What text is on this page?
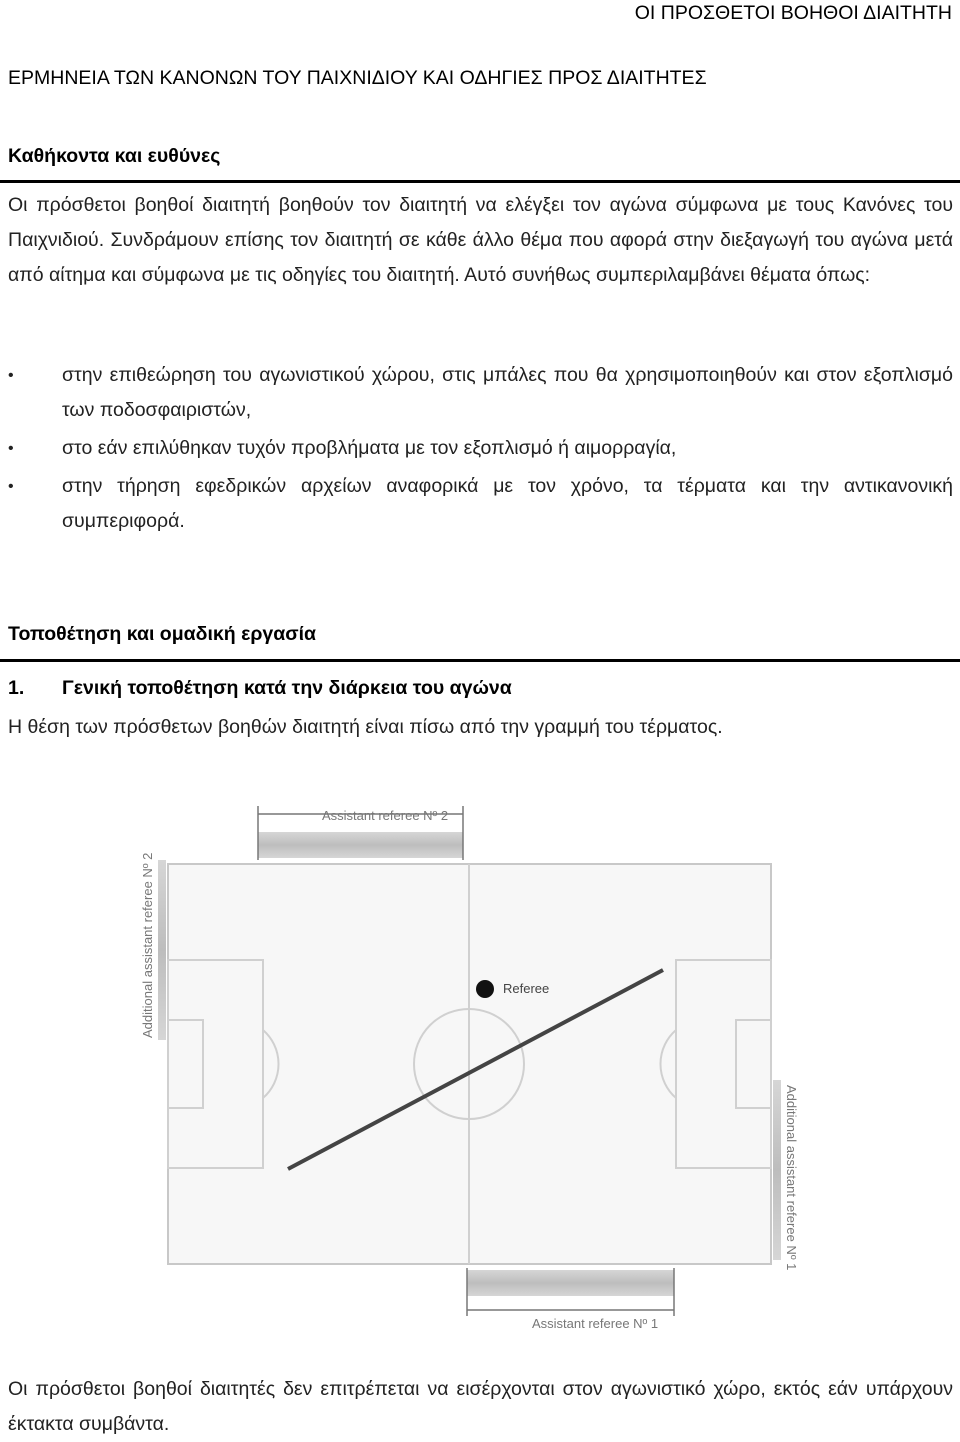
ΟΙ ΠΡΟΣΘΕΤΟΙ ΒΟΗΘΟΙ ΔΙΑΙΤΗΤΗ
ΕΡΜΗΝΕΙΑ ΤΩΝ ΚΑΝΟΝΩΝ ΤΟΥ ΠΑΙΧΝΙΔΙΟΥ ΚΑΙ ΟΔΗΓΙΕΣ ΠΡΟΣ ΔΙΑΙΤΗΤΕΣ
Καθήκοντα και ευθύνες

Οι πρόσθετοι βοηθοί διαιτητή βοηθούν τον διαιτητή να ελέγξει τον αγώνα σύμφωνα με τους Κανόνες του Παιχνιδιού. Συνδράμουν επίσης τον διαιτητή σε κάθε άλλο θέμα που αφορά στην διεξαγωγή του αγώνα μετά από αίτημα και σύμφωνα με τις οδηγίες του διαιτητή. Αυτό συνήθως συμπεριλαμβάνει θέματα όπως:

• στην επιθεώρηση του αγωνιστικού χώρου, στις μπάλες που θα χρησιμοποιηθούν και στον εξοπλισμό των ποδοσφαιριστών,
• στο εάν επιλύθηκαν τυχόν προβλήματα με τον εξοπλισμό ή αιμορραγία,
• στην τήρηση εφεδρικών αρχείων αναφορικά με τον χρόνο, τα τέρματα και την αντικανονική συμπεριφορά.
Τοποθέτηση και ομαδική εργασία
1. Γενική τοποθέτηση κατά την διάρκεια του αγώνα
Η θέση των πρόσθετων βοηθών διαιτητή είναι πίσω από την γραμμή του τέρματος.
Assistant referee Nº 2
Additional assistant referee Nº 2	Referee
Additional assistant referee Nº 1
Assistant referee Nº 1

Οι πρόσθετοι βοηθοί διαιτητές δεν επιτρέπεται να εισέρχονται στον αγωνιστικό χώρο, εκτός εάν υπάρχουν έκτακτα συμβάντα.
